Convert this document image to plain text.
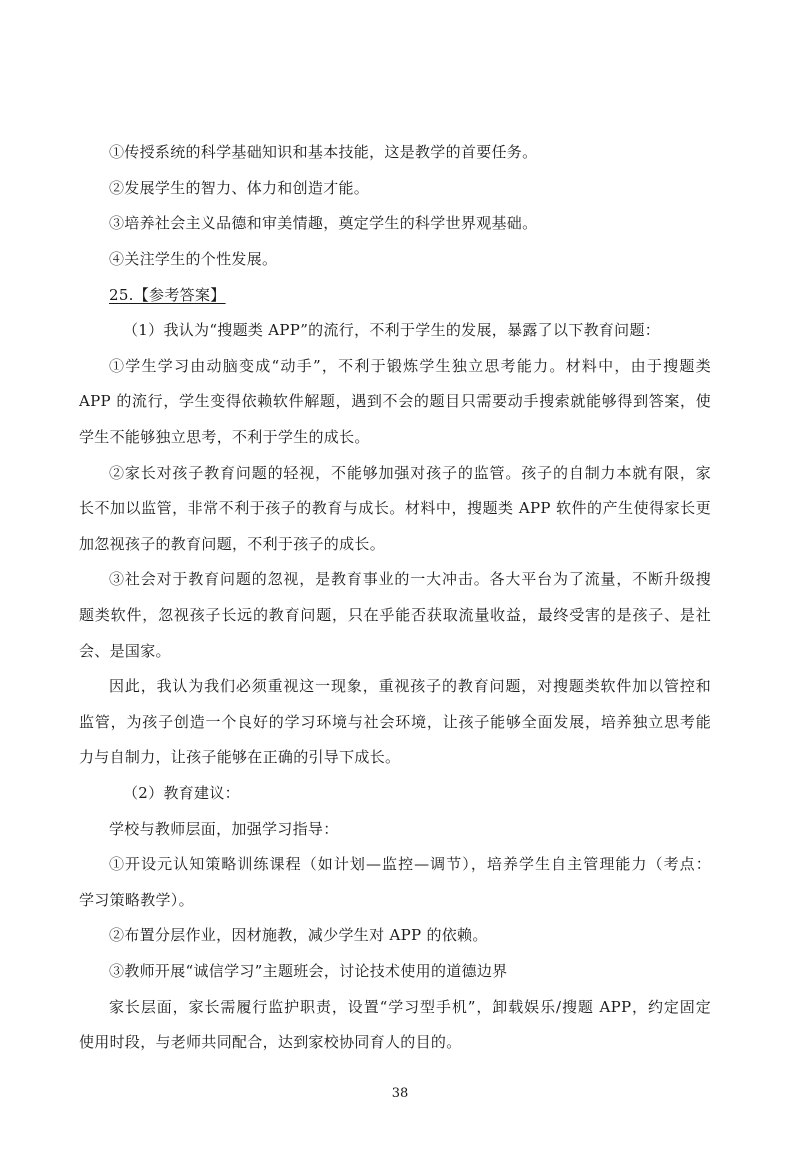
①传授系统的科学基础知识和基本技能，这是教学的首要任务。
②发展学生的智力、体力和创造才能。
③培养社会主义品德和审美情趣，奠定学生的科学世界观基础。
④关注学生的个性发展。
25.【参考答案】
（1）我认为“搜题类 APP”的流行，不利于学生的发展，暴露了以下教育问题：
①学生学习由动脑变成“动手”，不利于锻炼学生独立思考能力。材料中，由于搜题类
APP 的流行，学生变得依赖软件解题，遇到不会的题目只需要动手搜索就能够得到答案，使
学生不能够独立思考，不利于学生的成长。
②家长对孩子教育问题的轻视，不能够加强对孩子的监管。孩子的自制力本就有限，家
长不加以监管，非常不利于孩子的教育与成长。材料中，搜题类 APP 软件的产生使得家长更
加忽视孩子的教育问题，不利于孩子的成长。
③社会对于教育问题的忽视，是教育事业的一大冲击。各大平台为了流量，不断升级搜
题类软件，忽视孩子长远的教育问题，只在乎能否获取流量收益，最终受害的是孩子、是社
会、是国家。
因此，我认为我们必须重视这一现象，重视孩子的教育问题，对搜题类软件加以管控和
监管，为孩子创造一个良好的学习环境与社会环境，让孩子能够全面发展，培养独立思考能
力与自制力，让孩子能够在正确的引导下成长。
（2）教育建议：
学校与教师层面，加强学习指导：
①开设元认知策略训练课程（如计划—监控—调节），培养学生自主管理能力（考点：
学习策略教学）。
②布置分层作业，因材施教，减少学生对 APP 的依赖。
③教师开展“诚信学习”主题班会，讨论技术使用的道德边界
家长层面，家长需履行监护职责，设置“学习型手机”，卸载娱乐/搜题 APP，约定固定
使用时段，与老师共同配合，达到家校协同育人的目的。
38
